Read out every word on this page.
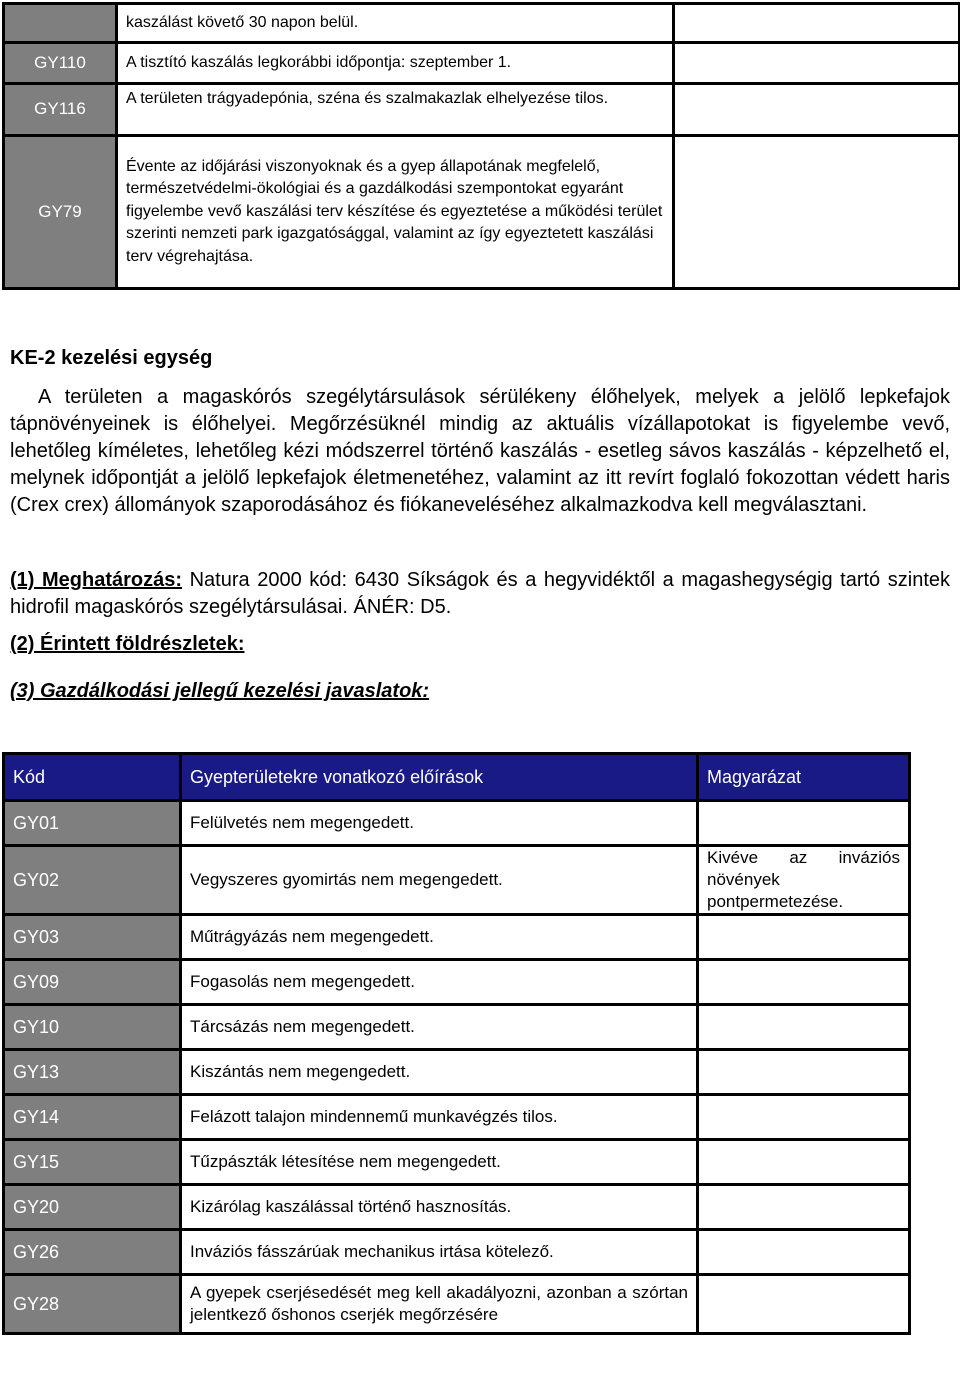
	kaszálást követő 30 napon belül.	
GY110	A tisztító kaszálás legkorábbi időpontja: szeptember 1.	
GY116	A területen trágyadepónia, széna és szalmakazlak elhelyezése tilos.	
GY79	Évente az időjárási viszonyoknak és a gyep állapotának megfelelő, természetvédelmi-ökológiai és a gazdálkodási szempontokat egyaránt figyelembe vevő kaszálási terv készítése és egyeztetése a működési terület szerinti nemzeti park igazgatósággal, valamint az így egyeztetett kaszálási terv végrehajtása.	
KE-2 kezelési egység

A területen a magaskórós szegélytársulások sérülékeny élőhelyek, melyek a jelölő lepkefajok tápnövényeinek is élőhelyei. Megőrzésüknél mindig az aktuális vízállapotokat is figyelembe vevő, lehetőleg kíméletes, lehetőleg kézi módszerrel történő kaszálás - esetleg sávos kaszálás - képzelhető el, melynek időpontját a jelölő lepkefajok életmenetéhez, valamint az itt revírt foglaló fokozottan védett haris (Crex crex) állományok szaporodásához és fiókaneveléséhez alkalmazkodva kell megválasztani.

(1) Meghatározás: Natura 2000 kód: 6430 Síkságok és a hegyvidéktől a magashegységig tartó szintek hidrofil magaskórós szegélytársulásai. ÁNÉR: D5.

(2) Érintett földrészletek:
(3) Gazdálkodási jellegű kezelési javaslatok:
Kód	Gyepterületekre vonatkozó előírások	Magyarázat
GY01	Felülvetés nem megengedett.	
GY02	Vegyszeres gyomirtás nem megengedett.	Kivéve az inváziós növények pontpermetezése.
GY03	Műtrágyázás nem megengedett.	
GY09	Fogasolás nem megengedett.	
GY10	Tárcsázás nem megengedett.	
GY13	Kiszántás nem megengedett.	
GY14	Felázott talajon mindennemű munkavégzés tilos.	
GY15	Tűzpászták létesítése nem megengedett.	
GY20	Kizárólag kaszálással történő hasznosítás.	
GY26	Inváziós fásszárúak mechanikus irtása kötelező.	
GY28	A gyepek cserjésedését meg kell akadályozni, azonban a szórtan jelentkező őshonos cserjék megőrzésére	
